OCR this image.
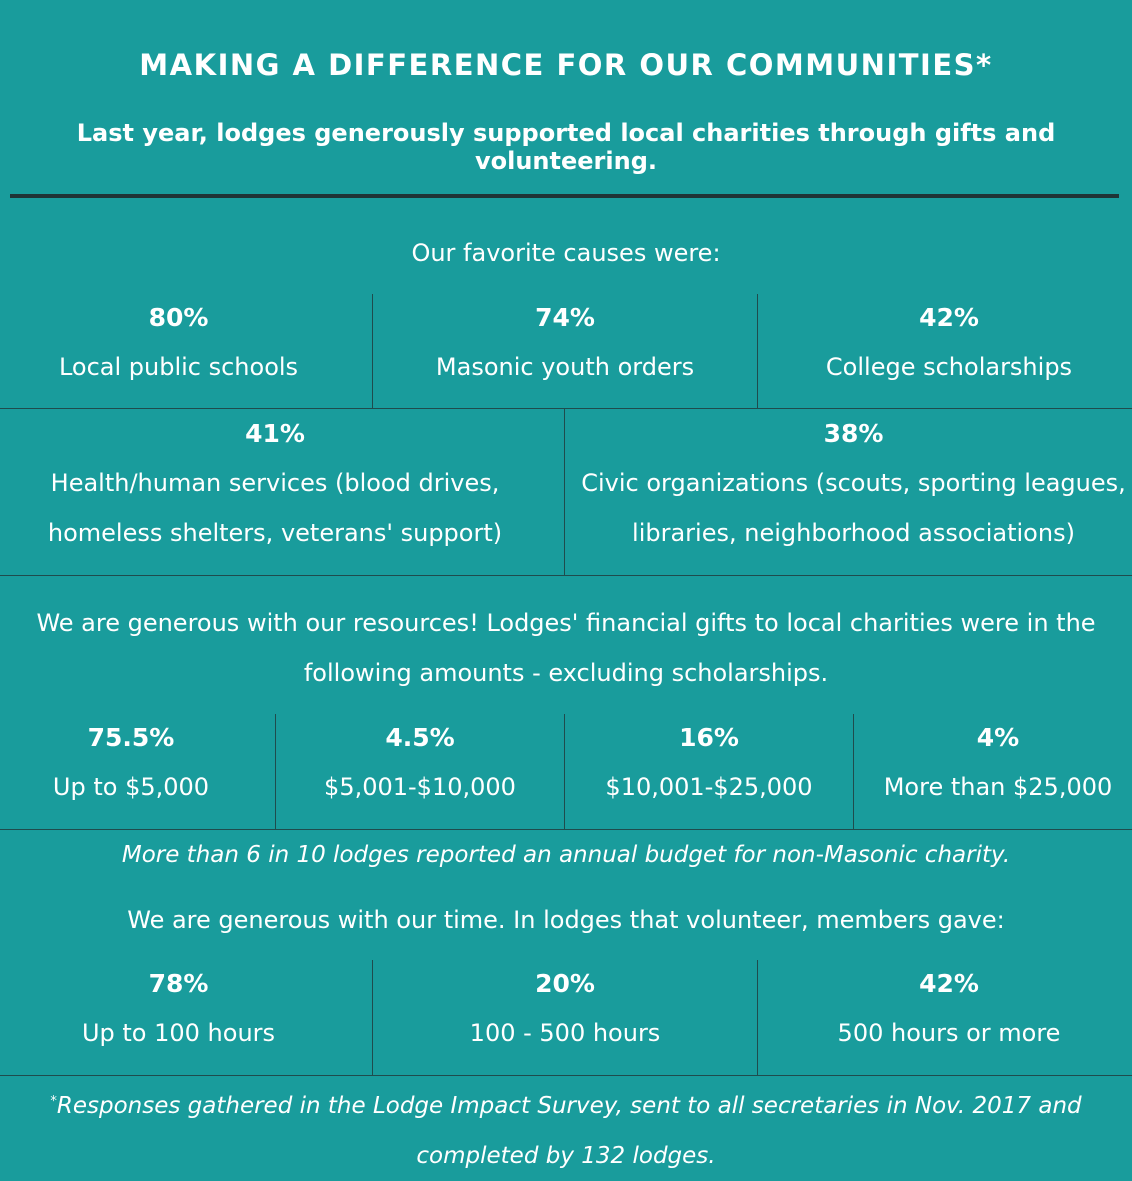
MAKING A DIFFERENCE FOR OUR COMMUNITIES*
Last year, lodges generously supported local charities through gifts and volunteering.
Our favorite causes were:
80%
Local public schools
74%
Masonic youth orders
42%
College scholarships
41%
Health/human services (blood drives,
homeless shelters, veterans' support)
38%
Civic organizations (scouts, sporting leagues,
libraries, neighborhood associations)
We are generous with our resources! Lodges' financial gifts to local charities were in the
following amounts - excluding scholarships.
75.5%
Up to $5,000
4.5%
$5,001-$10,000
16%
$10,001-$25,000
4%
More than $25,000
More than 6 in 10 lodges reported an annual budget for non-Masonic charity.
We are generous with our time. In lodges that volunteer, members gave:
78%
Up to 100 hours
20%
100 - 500 hours
42%
500 hours or more
*Responses gathered in the Lodge Impact Survey, sent to all secretaries in Nov. 2017 and
completed by 132 lodges.
